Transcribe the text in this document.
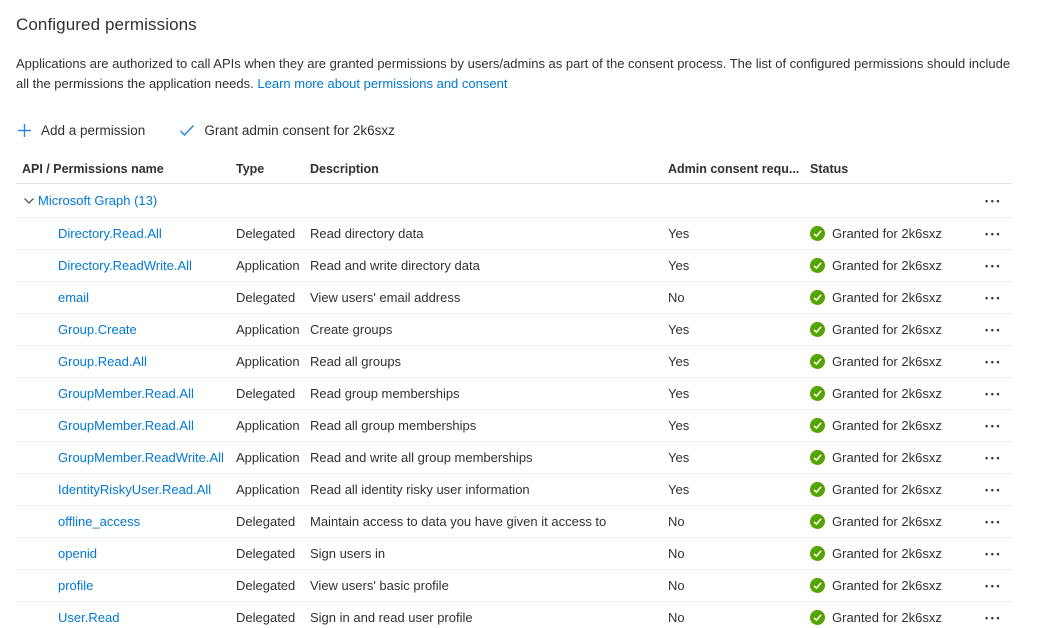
Configured permissions

Applications are authorized to call APIs when they are granted permissions by users/admins as part of the consent process. The list of configured permissions should include all the permissions the application needs. Learn more about permissions and consent

Add a permission	Grant admin consent for 2k6sxz
API / Permissions name	Type	Description	Admin consent requ... Status
Microsoft Graph (13)	•••
Directory.Read.All	Delegated	Read directory data	Yes	Granted for 2k6sxz	•••
Directory.ReadWrite.All	Application Read and write directory data	Yes	Granted for 2k6sxz	•••
email	Delegated	View users' email address	No	Granted for 2k6sxz	•••
Group.Create	Application Create groups	Yes	Granted for 2k6sxz	•••
Group.Read.All	Application Read all groups	Yes	Granted for 2k6sxz	•••
GroupMember.Read.All	Delegated	Read group memberships	Yes	Granted for 2k6sxz	•••
GroupMember.Read.All	Application Read all group memberships	Yes	Granted for 2k6sxz	•••
GroupMember.ReadWrite.All Application Read and write all group memberships	Yes	Granted for 2k6sxz	•••
IdentityRiskyUser.Read.All Application Read all identity risky user information	Yes	Granted for 2k6sxz	•••
offline_access	Delegated	Maintain access to data you have given it access to	No	Granted for 2k6sxz	•••
openid	Delegated	Sign users in	No	Granted for 2k6sxz	•••
profile	Delegated	View users' basic profile	No	Granted for 2k6sxz	•••
User.Read	Delegated	Sign in and read user profile	No	Granted for 2k6sxz	•••
